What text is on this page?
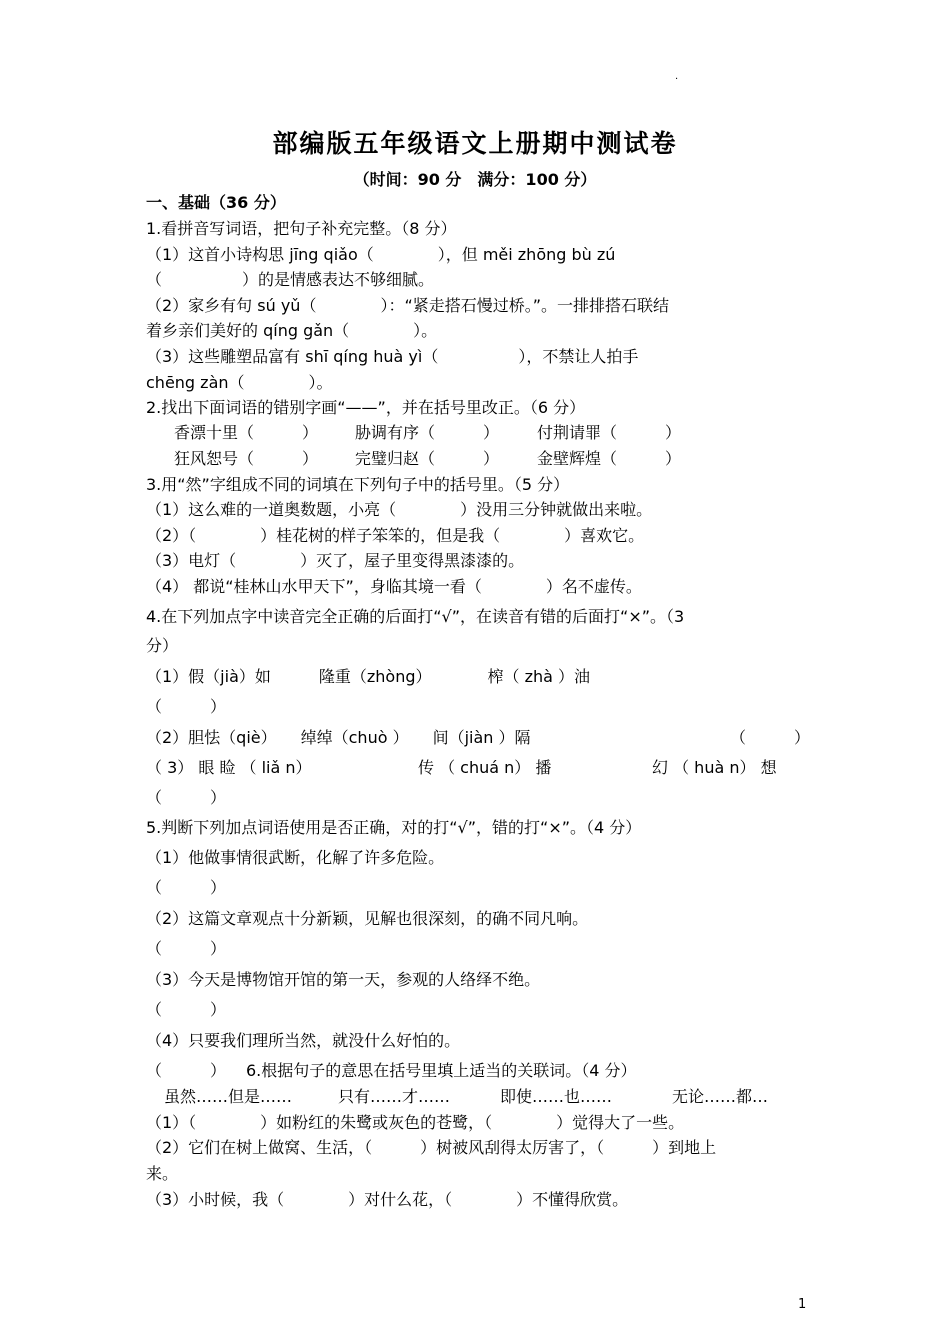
·
部编版五年级语文上册期中测试卷
（时间：90 分　满分：100 分）
一、基础（36 分）
1.看拼音写词语，把句子补充完整。（8 分）
（1）这首小诗构思 jīng qiǎo（　　　　），但 měi zhōng bù zú
（　　　　　）的是情感表达不够细腻。
（2）家乡有句 sú yǔ（　　　　）：“紧走搭石慢过桥。”。一排排搭石联结
着乡亲们美好的 qíng gǎn（　　　　）。
（3）这些雕塑品富有 shī qíng huà yì（　　　　　），不禁让人拍手
chēng zàn（　　　　）。
2.找出下面词语的错别字画“——”，并在括号里改正。（6 分）
香漂十里（　　　） 胁调有序（　　　） 付荆请罪（　　　）
狂风恕号（　　　） 完璧归赵（　　　） 金壁辉煌（　　　）
3.用“然”字组成不同的词填在下列句子中的括号里。（5 分）
（1）这么难的一道奥数题，小亮（　　　　）没用三分钟就做出来啦。
（2）（　　　　）桂花树的样子笨笨的，但是我（　　　　）喜欢它。
（3）电灯（　　　　）灭了，屋子里变得黑漆漆的。
（4） 都说“桂林山水甲天下”，身临其境一看（　　　　）名不虚传。
4.在下列加点字中读音完全正确的后面打“√”，在读音有错的后面打“×”。（3
分）
（1）假（jià）如　　　隆重（zhòng）　　　　榨（ zhà ）油
（　　　）
（2）胆怯（qiè）　　绰绰（chuò ）　　间（jiàn ）隔	（　　　）
（ 3） 眼 睑 （ liǎ n）	传 （ chuá n） 播	幻 （ huà n） 想
（　　　）
5.判断下列加点词语使用是否正确，对的打“√”，错的打“×”。（4 分）
（1）他做事情很武断，化解了许多危险。
（　　　）
（2）这篇文章观点十分新颖，见解也很深刻，的确不同凡响。
（　　　）
（3）今天是博物馆开馆的第一天，参观的人络绎不绝。
（　　　）
（4）只要我们理所当然，就没什么好怕的。
（　　　） 6.根据句子的意思在括号里填上适当的关联词。（4 分）
虽然……但是……	只有……才……	即使……也……	无论……都…
（1）（　　　　）如粉红的朱鹭或灰色的苍鹭，（　　　　）觉得大了一些。
（2）它们在树上做窝、生活，（　　　）树被风刮得太厉害了，（　　　）到地上
来。
（3）小时候，我（　　　　）对什么花，（　　　　）不懂得欣赏。
1
